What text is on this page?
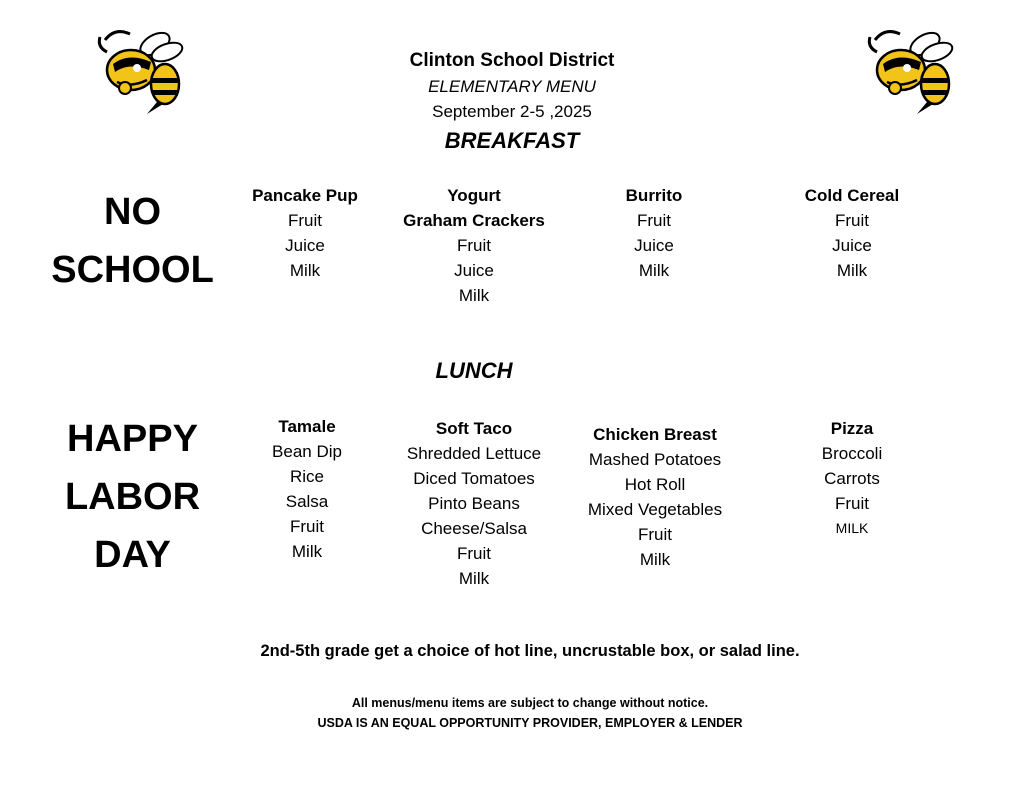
Clinton School District
ELEMENTARY MENU
September 2-5 ,2025
BREAKFAST
NO
SCHOOL
Pancake Pup
Fruit
Juice
Milk
Yogurt
Graham Crackers
Fruit
Juice
Milk
Burrito
Fruit
Juice
Milk
Cold Cereal
Fruit
Juice
Milk
LUNCH
HAPPY
LABOR
DAY
Tamale
Bean Dip
Rice
Salsa
Fruit
Milk
Soft Taco
Shredded Lettuce
Diced Tomatoes
Pinto Beans
Cheese/Salsa
Fruit
Milk
Chicken Breast
Mashed Potatoes
Hot Roll
Mixed Vegetables
Fruit
Milk
Pizza
Broccoli
Carrots
Fruit
MILK
2nd-5th grade get a choice of hot line, uncrustable box, or salad line.
All menus/menu items are subject to change without notice.
USDA IS AN EQUAL OPPORTUNITY PROVIDER, EMPLOYER & LENDER
